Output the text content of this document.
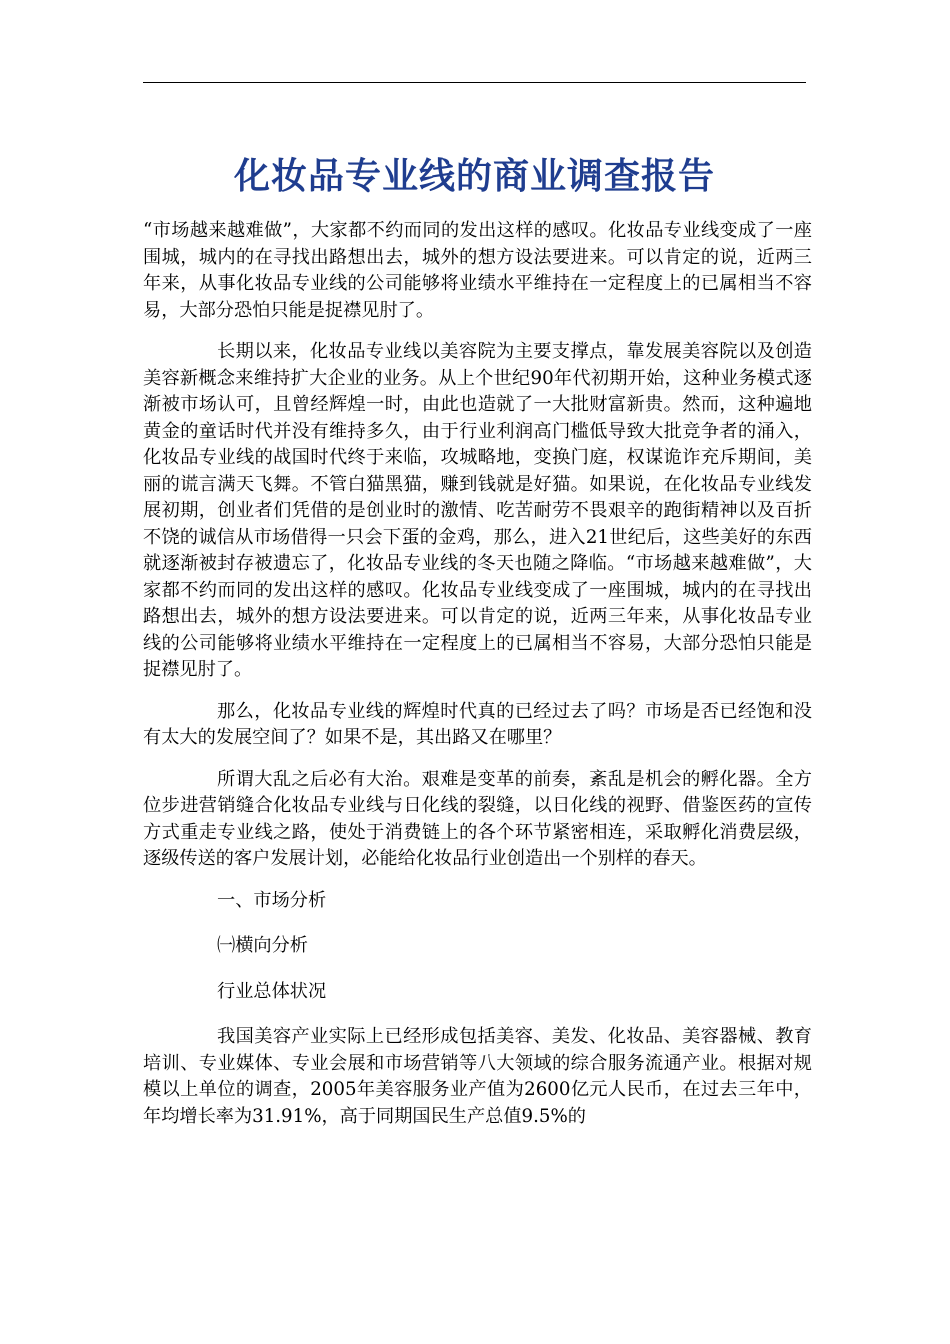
化妆品专业线的商业调查报告

“市场越来越难做”，大家都不约而同的发出这样的感叹。化妆品专业线变成了一座围城，城内的在寻找出路想出去，城外的想方设法要进来。可以肯定的说，近两三年来，从事化妆品专业线的公司能够将业绩水平维持在一定程度上的已属相当不容易，大部分恐怕只能是捉襟见肘了。

长期以来，化妆品专业线以美容院为主要支撑点，靠发展美容院以及创造美容新概念来维持扩大企业的业务。从上个世纪90年代初期开始，这种业务模式逐渐被市场认可，且曾经辉煌一时，由此也造就了一大批财富新贵。然而，这种遍地黄金的童话时代并没有维持多久，由于行业利润高门槛低导致大批竞争者的涌入，化妆品专业线的战国时代终于来临，攻城略地，变换门庭，权谋诡诈充斥期间，美丽的谎言满天飞舞。不管白猫黑猫，赚到钱就是好猫。如果说，在化妆品专业线发展初期，创业者们凭借的是创业时的激情、吃苦耐劳不畏艰辛的跑街精神以及百折不饶的诚信从市场借得一只会下蛋的金鸡，那么，进入21世纪后，这些美好的东西就逐渐被封存被遗忘了，化妆品专业线的冬天也随之降临。“市场越来越难做”，大家都不约而同的发出这样的感叹。化妆品专业线变成了一座围城，城内的在寻找出路想出去，城外的想方设法要进来。可以肯定的说，近两三年来，从事化妆品专业线的公司能够将业绩水平维持在一定程度上的已属相当不容易，大部分恐怕只能是捉襟见肘了。

那么，化妆品专业线的辉煌时代真的已经过去了吗？市场是否已经饱和没有太大的发展空间了？如果不是，其出路又在哪里？

所谓大乱之后必有大治。艰难是变革的前奏，紊乱是机会的孵化器。全方位步进营销缝合化妆品专业线与日化线的裂缝，以日化线的视野、借鉴医药的宣传方式重走专业线之路，使处于消费链上的各个环节紧密相连，采取孵化消费层级，逐级传送的客户发展计划，必能给化妆品行业创造出一个别样的春天。

一、市场分析

㈠横向分析

行业总体状况

我国美容产业实际上已经形成包括美容、美发、化妆品、美容器械、教育培训、专业媒体、专业会展和市场营销等八大领域的综合服务流通产业。根据对规模以上单位的调查，2005年美容服务业产值为2600亿元人民币，在过去三年中，年均增长率为31.91%，高于同期国民生产总值9.5%的
